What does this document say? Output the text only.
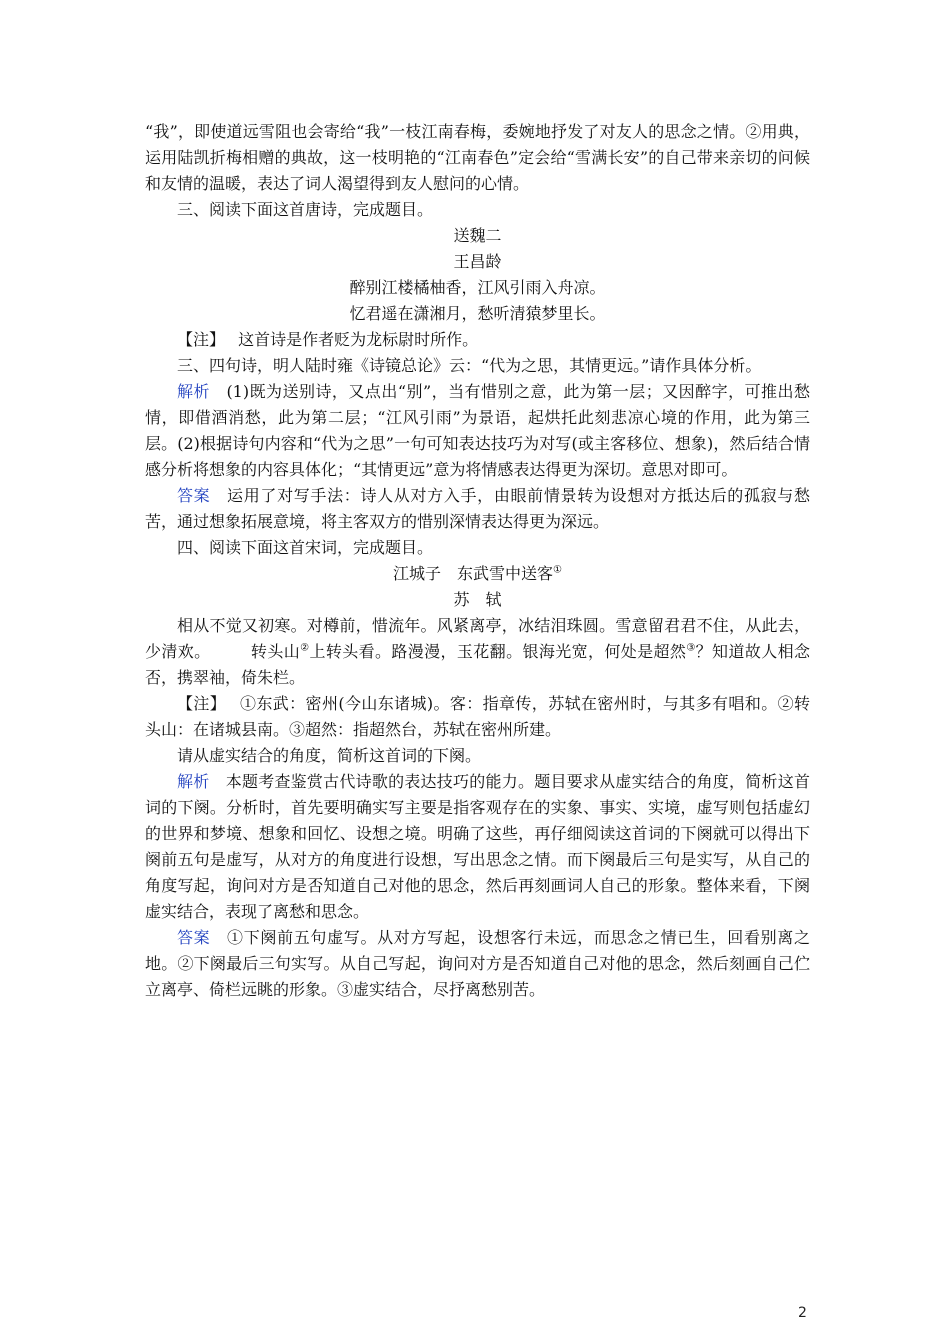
“我”，即使道远雪阻也会寄给“我”一枝江南春梅，委婉地抒发了对友人的思念之情。②用典，运用陆凯折梅相赠的典故，这一枝明艳的“江南春色”定会给“雪满长安”的自己带来亲切的问候和友情的温暖，表达了词人渴望得到友人慰问的心情。

三、阅读下面这首唐诗，完成题目。

送魏二

王昌龄

醉别江楼橘柚香，江风引雨入舟凉。

忆君遥在潇湘月，愁听清猿梦里长。

【注】　 这首诗是作者贬为龙标尉时所作。

三、四句诗，明人陆时雍《诗镜总论》云：“代为之思，其情更远。”请作具体分析。

解析　 (1)既为送别诗，又点出“别”，当有惜别之意，此为第一层；又因醉字，可推出愁情，即借酒消愁，此为第二层；“江风引雨”为景语，起烘托此刻悲凉心境的作用，此为第三层。(2)根据诗句内容和“代为之思”一句可知表达技巧为对写(或主客移位、想象)，然后结合情感分析将想象的内容具体化；“其情更远”意为将情感表达得更为深切。意思对即可。

答案　 运用了对写手法：诗人从对方入手，由眼前情景转为设想对方抵达后的孤寂与愁苦，通过想象拓展意境，将主客双方的惜别深情表达得更为深远。

四、阅读下面这首宋词，完成题目。

江城子　东武雪中送客①

苏　轼

相从不觉又初寒。对樽前，惜流年。风紧离亭，冰结泪珠圆。雪意留君君不住，从此去，少清欢。	转头山②上转头看。路漫漫，玉花翻。银海光宽，何处是超然③？知道故人相念否，携翠袖，倚朱栏。

【注】　 ①东武：密州(今山东诸城)。客：指章传，苏轼在密州时，与其多有唱和。②转头山：在诸城县南。③超然：指超然台，苏轼在密州所建。

请从虚实结合的角度，简析这首词的下阕。

解析　 本题考查鉴赏古代诗歌的表达技巧的能力。题目要求从虚实结合的角度，简析这首词的下阕。分析时，首先要明确实写主要是指客观存在的实象、事实、实境，虚写则包括虚幻的世界和梦境、想象和回忆、设想之境。明确了这些，再仔细阅读这首词的下阕就可以得出下阕前五句是虚写，从对方的角度进行设想，写出思念之情。而下阕最后三句是实写，从自己的角度写起，询问对方是否知道自己对他的思念，然后再刻画词人自己的形象。整体来看，下阕虚实结合，表现了离愁和思念。

答案　 ①下阕前五句虚写。从对方写起，设想客行未远，而思念之情已生，回看别离之地。②下阕最后三句实写。从自己写起，询问对方是否知道自己对他的思念，然后刻画自己伫立离亭、倚栏远眺的形象。③虚实结合，尽抒离愁别苦。

2
